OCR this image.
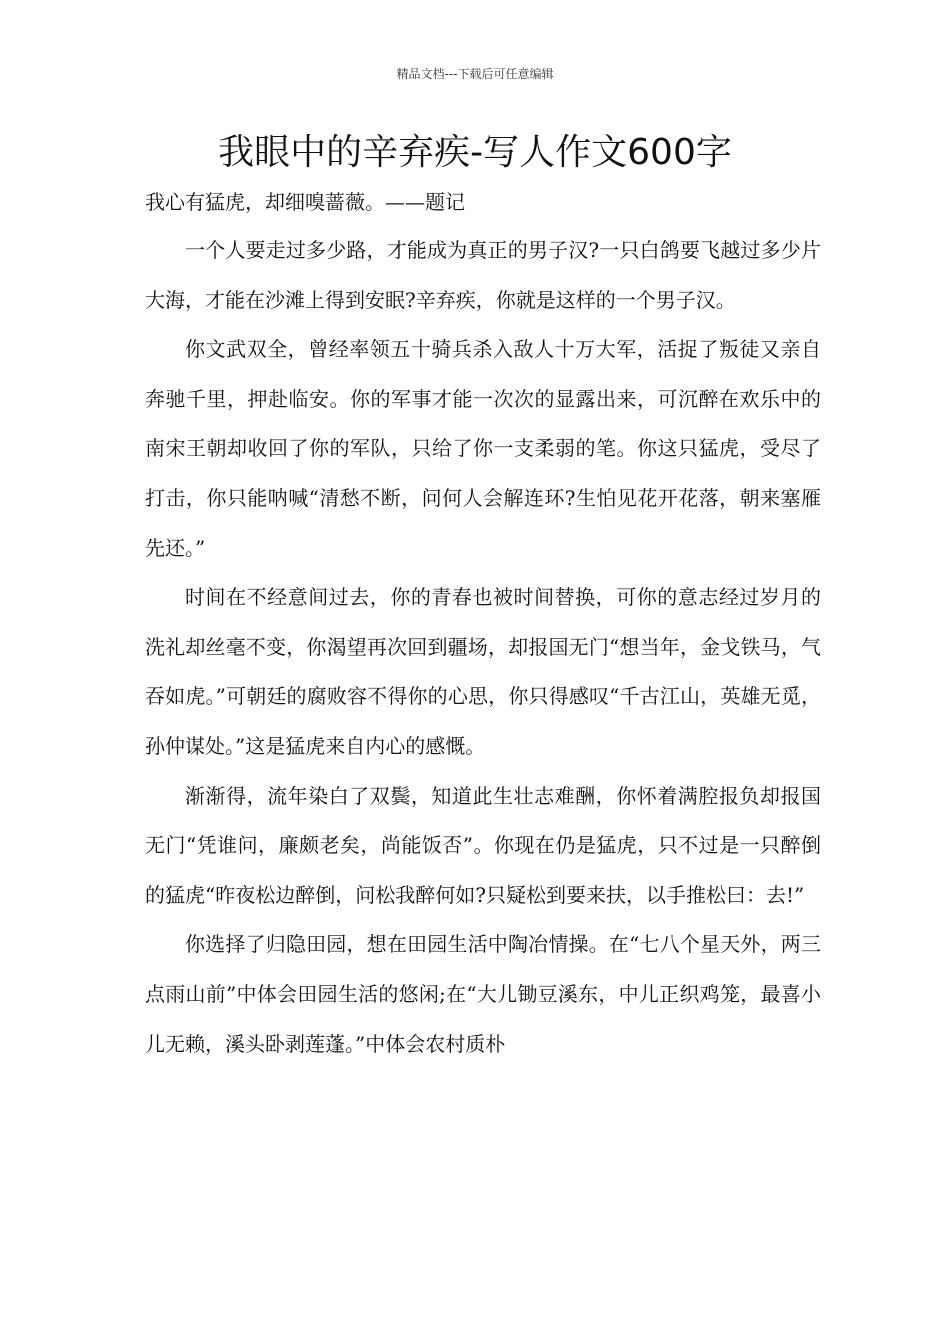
精品文档---下载后可任意编辑
我眼中的辛弃疾-写人作文600字

我心有猛虎，却细嗅蔷薇。——题记

一个人要走过多少路，才能成为真正的男子汉?一只白鸽要飞越过多少片大海，才能在沙滩上得到安眠?辛弃疾，你就是这样的一个男子汉。

你文武双全，曾经率领五十骑兵杀入敌人十万大军，活捉了叛徒又亲自奔驰千里，押赴临安。你的军事才能一次次的显露出来，可沉醉在欢乐中的南宋王朝却收回了你的军队，只给了你一支柔弱的笔。你这只猛虎，受尽了打击，你只能呐喊“清愁不断，问何人会解连环?生怕见花开花落，朝来塞雁先还。”

时间在不经意间过去，你的青春也被时间替换，可你的意志经过岁月的洗礼却丝毫不变，你渴望再次回到疆场，却报国无门“想当年，金戈铁马，气吞如虎。”可朝廷的腐败容不得你的心思，你只得感叹“千古江山，英雄无觅，孙仲谋处。”这是猛虎来自内心的感慨。

渐渐得，流年染白了双鬓，知道此生壮志难酬，你怀着满腔报负却报国无门“凭谁问，廉颇老矣，尚能饭否”。你现在仍是猛虎，只不过是一只醉倒的猛虎“昨夜松边醉倒，问松我醉何如?只疑松到要来扶，以手推松曰：去!”

你选择了归隐田园，想在田园生活中陶冶情操。在“七八个星天外，两三点雨山前”中体会田园生活的悠闲;在“大儿锄豆溪东，中儿正织鸡笼，最喜小儿无赖，溪头卧剥莲蓬。”中体会农村质朴
